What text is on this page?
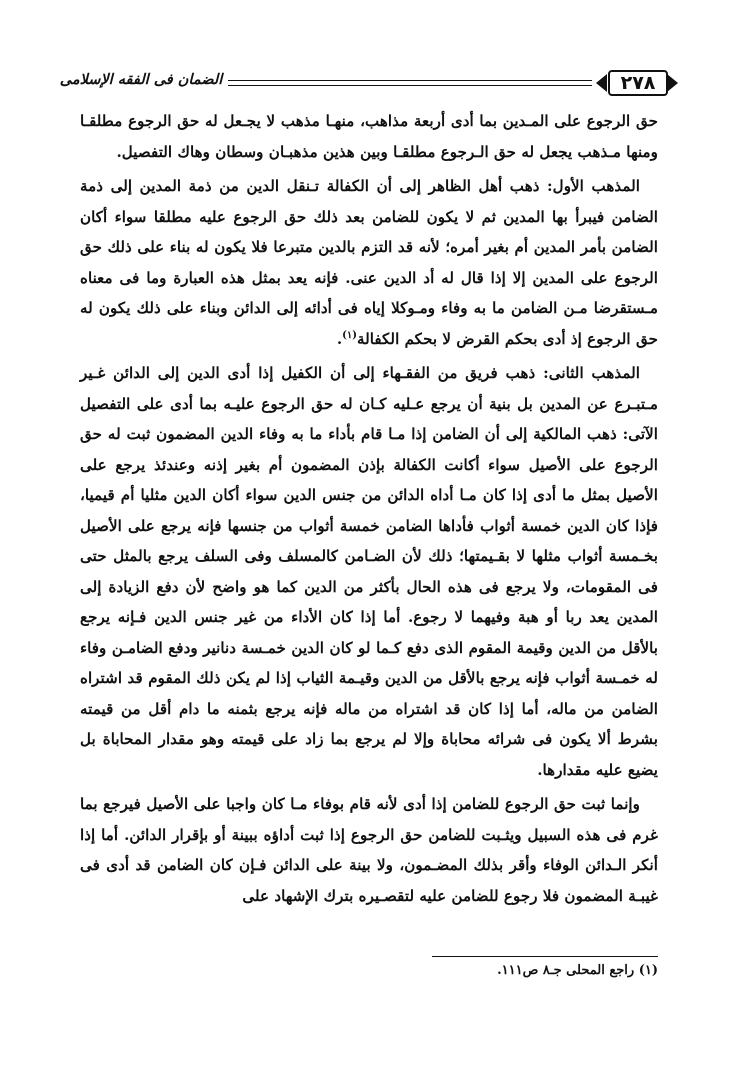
٢٧٨
الضمان فى الفقه الإسلامى

حق الرجوع على المـدين بما أدى أربعة مذاهب، منهـا مذهب لا يجـعل له حق الرجوع مطلقـا ومنها مـذهب يجعل له حق الـرجوع مطلقـا وبين هذين مذهبـان وسطان وهاك التفصيل.

المذهب الأول: ذهب أهل الظاهر إلى أن الكفالة تـنقل الدين من ذمة المدين إلى ذمة الضامن فيبرأ بها المدين ثم لا يكون للضامن بعد ذلك حق الرجوع عليه مطلقا سواء أكان الضامن بأمر المدين أم بغير أمره؛ لأنه قد التزم بالدين متبرعا فلا يكون له بناء على ذلك حق الرجوع على المدين إلا إذا قال له أد الدين عنى. فإنه يعد بمثل هذه العبارة وما فى معناه مـستقرضا مـن الضامن ما به وفاء ومـوكلا إياه فى أدائه إلى الدائن وبناء على ذلك يكون له حق الرجوع إذ أدى بحكم القرض لا بحكم الكفالة$^{(١)}$.

المذهب الثانى: ذهب فريق من الفقـهاء إلى أن الكفيل إذا أدى الدين إلى الدائن غـير مـتبـرع عن المدين بل بنية أن يرجع عـليه كـان له حق الرجوع عليـه بما أدى على التفصيل الآتى: ذهب المالكية إلى أن الضامن إذا مـا قام بأداء ما به وفاء الدين المضمون ثبت له حق الرجوع على الأصيل سواء أكانت الكفالة بإذن المضمون أم بغير إذنه وعندئذ يرجع على الأصيل بمثل ما أدى إذا كان مـا أداه الدائن من جنس الدين سواء أكان الدين مثليا أم قيميا، فإذا كان الدين خمسة أثواب فأداها الضامن خمسة أثواب من جنسها فإنه يرجع على الأصيل بخـمسة أثواب مثلها لا بقـيمتها؛ ذلك لأن الضـامن كالمسلف وفى السلف يرجع بالمثل حتى فى المقومات، ولا يرجع فى هذه الحال بأكثر من الدين كما هو واضح لأن دفع الزيادة إلى المدين يعد ربا أو هبة وفيهما لا رجوع. أما إذا كان الأداء من غير جنس الدين فـإنه يرجع بالأقل من الدين وقيمة المقوم الذى دفع كـما لو كان الدين خمـسة دنانير ودفع الضامـن وفاء له خمـسة أثواب فإنه يرجع بالأقل من الدين وقيـمة الثياب إذا لم يكن ذلك المقوم قد اشتراه الضامن من ماله، أما إذا كان قد اشتراه من ماله فإنه يرجع بثمنه ما دام أقل من قيمته بشرط ألا يكون فى شرائه محاباة وإلا لم يرجع بما زاد على قيمته وهو مقدار المحاباة بل يضيع عليه مقدارها.

وإنما ثبت حق الرجوع للضامن إذا أدى لأنه قام بوفاء مـا كان واجبا على الأصيل فيرجع بما غرم فى هذه السبيل ويثـبت للضامن حق الرجوع إذا ثبت أداؤه ببينة أو بإقرار الدائن. أما إذا أنكر الـدائن الوفاء وأقر بذلك المضـمون، ولا بينة على الدائن فـإن كان الضامن قد أدى فى غيبـة المضمون فلا رجوع للضامن عليه لتقصـيره بترك الإشهاد على

(١) راجع المحلى جـ٨ ص١١١.
